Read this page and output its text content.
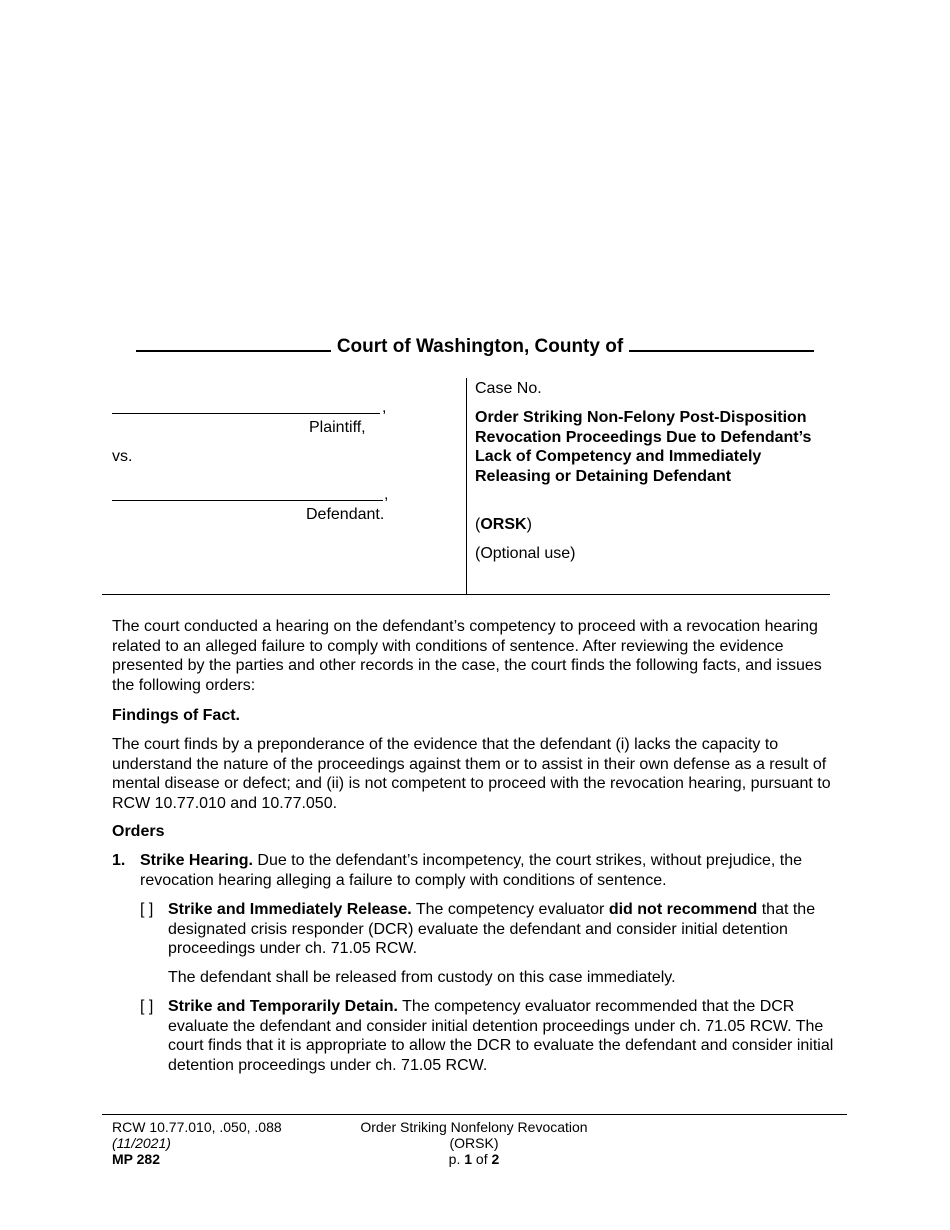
Court of Washington, County of
,
Plaintiff,
vs.
,
Defendant.
Case No.
Order Striking Non-Felony Post-Disposition Revocation Proceedings Due to Defendant’s Lack of Competency and Immediately Releasing or Detaining Defendant
(ORSK)
(Optional use)

The court conducted a hearing on the defendant’s competency to proceed with a revocation hearing related to an alleged failure to comply with conditions of sentence. After reviewing the evidence presented by the parties and other records in the case, the court finds the following facts, and issues the following orders:

Findings of Fact.

The court finds by a preponderance of the evidence that the defendant (i) lacks the capacity to understand the nature of the proceedings against them or to assist in their own defense as a result of mental disease or defect; and (ii) is not competent to proceed with the revocation hearing, pursuant to RCW 10.77.010 and 10.77.050.

Orders
1. Strike Hearing. Due to the defendant’s incompetency, the court strikes, without prejudice, the revocation hearing alleging a failure to comply with conditions of sentence.
[ ] Strike and Immediately Release. The competency evaluator did not recommend that the designated crisis responder (DCR) evaluate the defendant and consider initial detention proceedings under ch. 71.05 RCW.
The defendant shall be released from custody on this case immediately.
[ ] Strike and Temporarily Detain. The competency evaluator recommended that the DCR evaluate the defendant and consider initial detention proceedings under ch. 71.05 RCW. The court finds that it is appropriate to allow the DCR to evaluate the defendant and consider initial detention proceedings under ch. 71.05 RCW.
RCW 10.77.010, .050, .088
(11/2021)
MP 282
Order Striking Nonfelony Revocation
(ORSK)
p. 1 of 2
